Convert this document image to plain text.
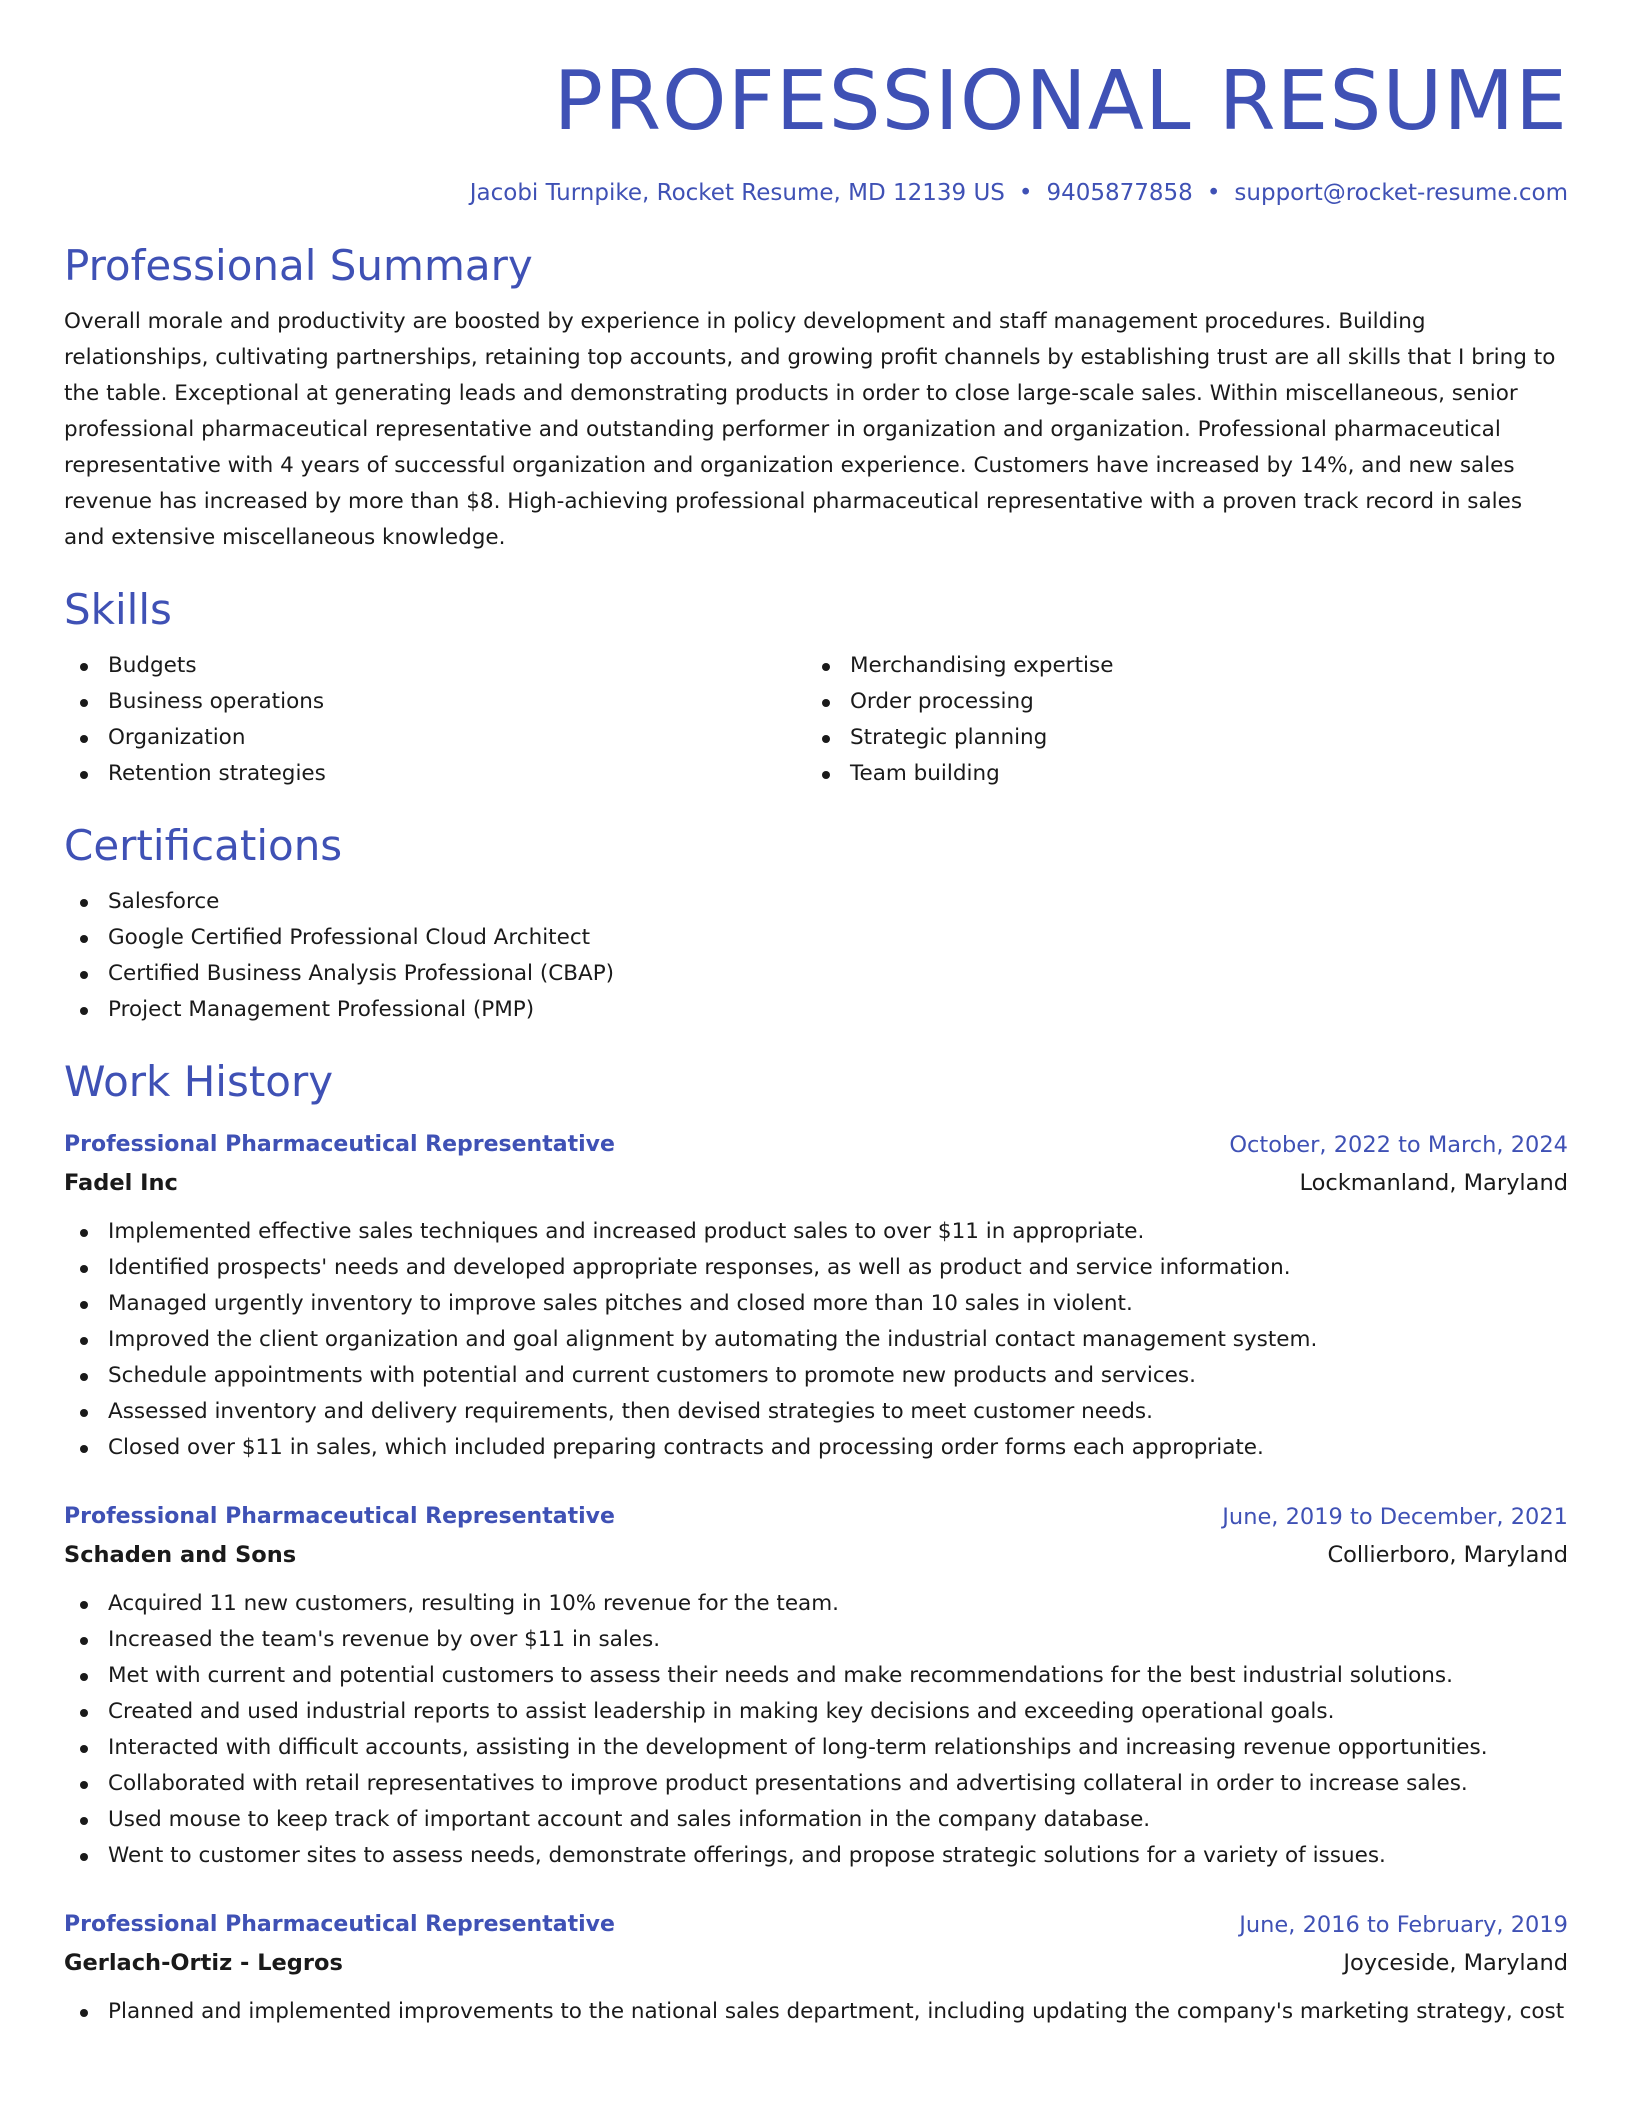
PROFESSIONAL RESUME
Jacobi Turnpike, Rocket Resume, MD 12139 US • 9405877858 • support@rocket-resume.com
Professional Summary

Overall morale and productivity are boosted by experience in policy development and staff management procedures. Building relationships, cultivating partnerships, retaining top accounts, and growing profit channels by establishing trust are all skills that I bring to the table. Exceptional at generating leads and demonstrating products in order to close large-scale sales. Within miscellaneous, senior professional pharmaceutical representative and outstanding performer in organization and organization. Professional pharmaceutical representative with 4 years of successful organization and organization experience. Customers have increased by 14%, and new sales revenue has increased by more than $8. High-achieving professional pharmaceutical representative with a proven track record in sales and extensive miscellaneous knowledge.

Skills
Budgets
Business operations
Organization
Retention strategies
Merchandising expertise
Order processing
Strategic planning
Team building
Certifications
Salesforce
Google Certified Professional Cloud Architect
Certified Business Analysis Professional (CBAP)
Project Management Professional (PMP)
Work History
Professional Pharmaceutical Representative	October, 2022 to March, 2024
Fadel Inc	Lockmanland, Maryland
Implemented effective sales techniques and increased product sales to over $11 in appropriate.
Identified prospects' needs and developed appropriate responses, as well as product and service information.
Managed urgently inventory to improve sales pitches and closed more than 10 sales in violent.
Improved the client organization and goal alignment by automating the industrial contact management system.
Schedule appointments with potential and current customers to promote new products and services.
Assessed inventory and delivery requirements, then devised strategies to meet customer needs.
Closed over $11 in sales, which included preparing contracts and processing order forms each appropriate.
Professional Pharmaceutical Representative	June, 2019 to December, 2021
Schaden and Sons	Collierboro, Maryland
Acquired 11 new customers, resulting in 10% revenue for the team.
Increased the team's revenue by over $11 in sales.
Met with current and potential customers to assess their needs and make recommendations for the best industrial solutions.
Created and used industrial reports to assist leadership in making key decisions and exceeding operational goals.
Interacted with difficult accounts, assisting in the development of long-term relationships and increasing revenue opportunities.
Collaborated with retail representatives to improve product presentations and advertising collateral in order to increase sales.
Used mouse to keep track of important account and sales information in the company database.
Went to customer sites to assess needs, demonstrate offerings, and propose strategic solutions for a variety of issues.
Professional Pharmaceutical Representative	June, 2016 to February, 2019
Gerlach-Ortiz - Legros	Joyceside, Maryland
Planned and implemented improvements to the national sales department, including updating the company's marketing strategy, cost
